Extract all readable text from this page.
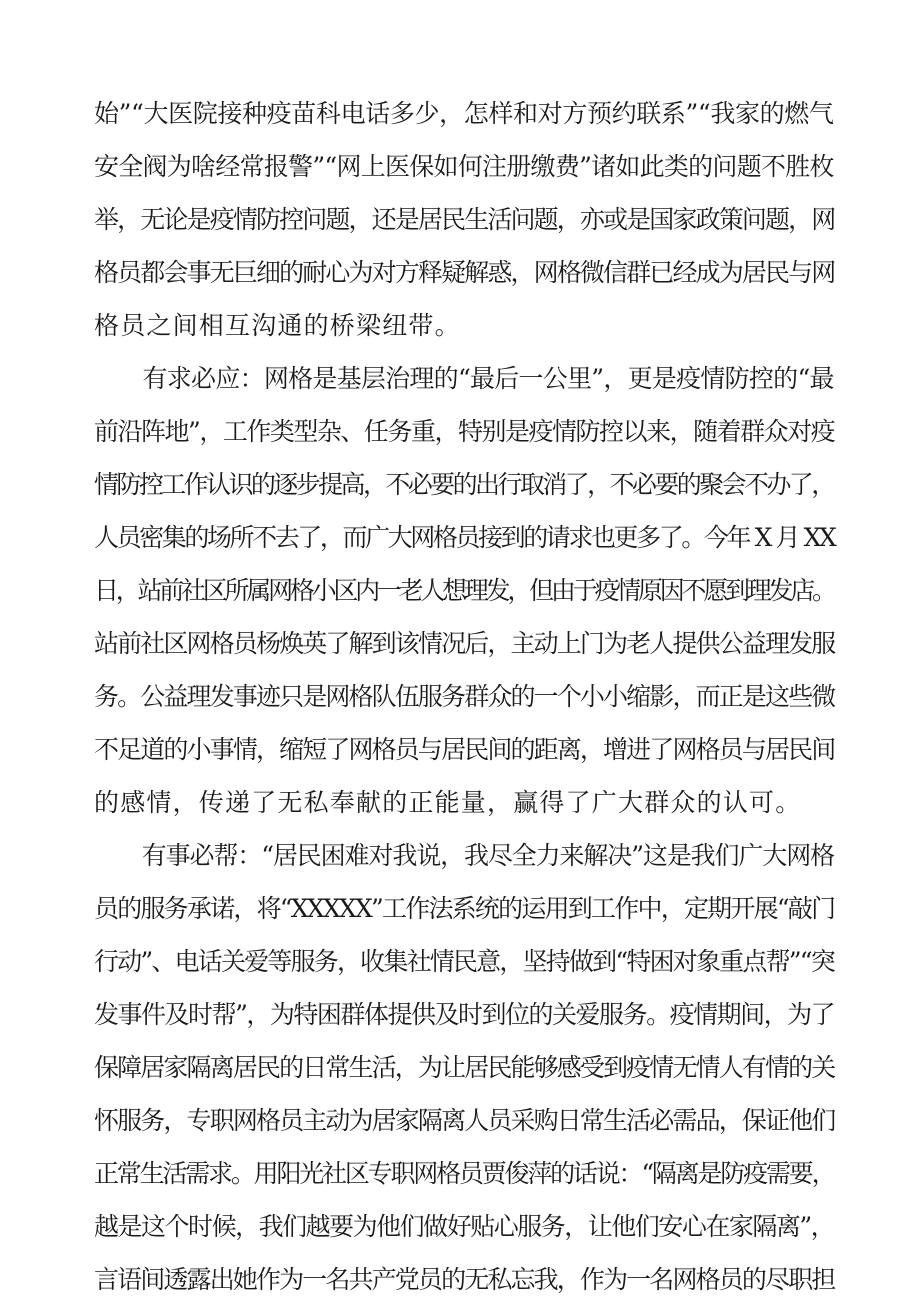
始”“大医院接种疫苗科电话多少，怎样和对方预约联系”“我家的燃气
安全阀为啥经常报警”“网上医保如何注册缴费”诸如此类的问题不胜枚
举，无论是疫情防控问题，还是居民生活问题，亦或是国家政策问题，网
格员都会事无巨细的耐心为对方释疑解惑，网格微信群已经成为居民与网
格员之间相互沟通的桥梁纽带。
　　有求必应：网格是基层治理的“最后一公里”，更是疫情防控的“最
前沿阵地”，工作类型杂、任务重，特别是疫情防控以来，随着群众对疫
情防控工作认识的逐步提高，不必要的出行取消了，不必要的聚会不办了，
人员密集的场所不去了，而广大网格员接到的请求也更多了。今年 X 月 XX
日，站前社区所属网格小区内一老人想理发，但由于疫情原因不愿到理发店。
站前社区网格员杨焕英了解到该情况后，主动上门为老人提供公益理发服
务。公益理发事迹只是网格队伍服务群众的一个小小缩影，而正是这些微
不足道的小事情，缩短了网格员与居民间的距离，增进了网格员与居民间
的感情，传递了无私奉献的正能量，赢得了广大群众的认可。
　　有事必帮：“居民困难对我说，我尽全力来解决”这是我们广大网格
员的服务承诺，将“XXXXX”工作法系统的运用到工作中，定期开展“敲门
行动”、电话关爱等服务，收集社情民意，坚持做到“特困对象重点帮”“突
发事件及时帮”，为特困群体提供及时到位的关爱服务。疫情期间，为了
保障居家隔离居民的日常生活，为让居民能够感受到疫情无情人有情的关
怀服务，专职网格员主动为居家隔离人员采购日常生活必需品，保证他们
正常生活需求。用阳光社区专职网格员贾俊萍的话说：“隔离是防疫需要，
越是这个时候，我们越要为他们做好贴心服务，让他们安心在家隔离”，
言语间透露出她作为一名共产党员的无私忘我，作为一名网格员的尽职担
